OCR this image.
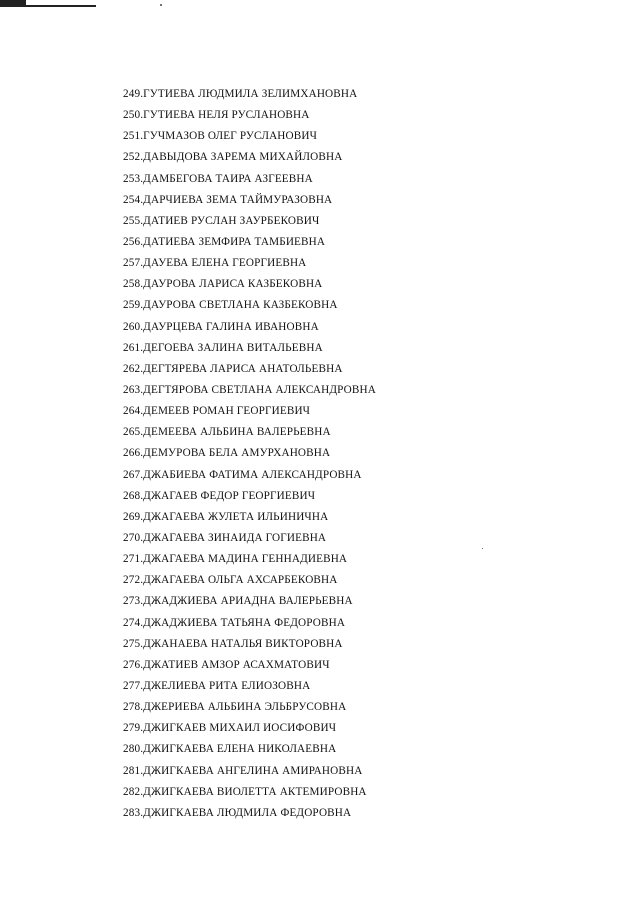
249.ГУТИЕВА ЛЮДМИЛА ЗЕЛИМХАНОВНА
250.ГУТИЕВА НЕЛЯ РУСЛАНОВНА
251.ГУЧМАЗОВ ОЛЕГ РУСЛАНОВИЧ
252.ДАВЫДОВА ЗАРЕМА МИХАЙЛОВНА
253.ДАМБЕГОВА ТАИРА АЗГЕЕВНА
254.ДАРЧИЕВА ЗЕМА ТАЙМУРАЗОВНА
255.ДАТИЕВ РУСЛАН ЗАУРБЕКОВИЧ
256.ДАТИЕВА ЗЕМФИРА ТАМБИЕВНА
257.ДАУЕВА ЕЛЕНА ГЕОРГИЕВНА
258.ДАУРОВА ЛАРИСА КАЗБЕКОВНА
259.ДАУРОВА СВЕТЛАНА КАЗБЕКОВНА
260.ДАУРЦЕВА ГАЛИНА ИВАНОВНА
261.ДЕГОЕВА ЗАЛИНА ВИТАЛЬЕВНА
262.ДЕГТЯРЕВА ЛАРИСА АНАТОЛЬЕВНА
263.ДЕГТЯРОВА СВЕТЛАНА АЛЕКСАНДРОВНА
264.ДЕМЕЕВ РОМАН ГЕОРГИЕВИЧ
265.ДЕМЕЕВА АЛЬБИНА ВАЛЕРЬЕВНА
266.ДЕМУРОВА БЕЛА АМУРХАНОВНА
267.ДЖАБИЕВА ФАТИМА АЛЕКСАНДРОВНА
268.ДЖАГАЕВ ФЕДОР ГЕОРГИЕВИЧ
269.ДЖАГАЕВА ЖУЛЕТА ИЛЬИНИЧНА
270.ДЖАГАЕВА ЗИНАИДА ГОГИЕВНА
271.ДЖАГАЕВА МАДИНА ГЕННАДИЕВНА
272.ДЖАГАЕВА ОЛЬГА АХСАРБЕКОВНА
273.ДЖАДЖИЕВА АРИАДНА ВАЛЕРЬЕВНА
274.ДЖАДЖИЕВА ТАТЬЯНА ФЕДОРОВНА
275.ДЖАНАЕВА НАТАЛЬЯ ВИКТОРОВНА
276.ДЖАТИЕВ АМЗОР АСАХМАТОВИЧ
277.ДЖЕЛИЕВА РИТА ЕЛИОЗОВНА
278.ДЖЕРИЕВА АЛЬБИНА ЭЛЬБРУСОВНА
279.ДЖИГКАЕВ МИХАИЛ ИОСИФОВИЧ
280.ДЖИГКАЕВА ЕЛЕНА НИКОЛАЕВНА
281.ДЖИГКАЕВА АНГЕЛИНА АМИРАНОВНА
282.ДЖИГКАЕВА ВИОЛЕТТА АКТЕМИРОВНА
283.ДЖИГКАЕВА ЛЮДМИЛА ФЕДОРОВНА
